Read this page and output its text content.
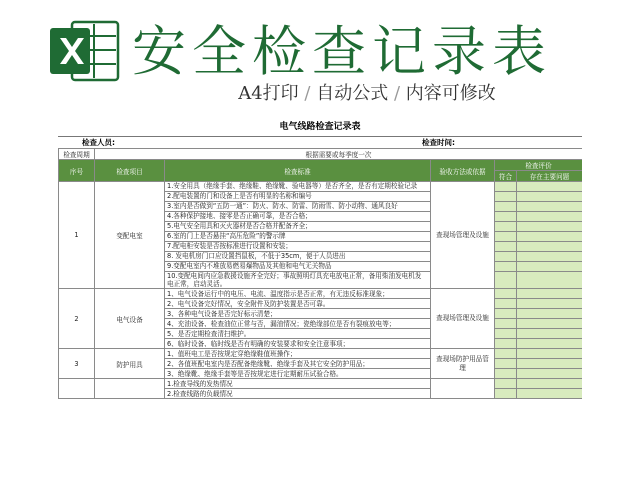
安全检查记录表
A4打印 / 自动公式 / 内容可修改
电气线路检查记录表
检查人员:	检查时间:
检查周期	根据需要或每季度一次				
序号	检查项目	检查标准	验收方法或依据	检查评价	
				符合	存在主要问题
1	变配电室	1.安全用具（绝缘手套、绝缘鞋、绝缘靴、验电器等）是否齐全，是否有定期校验记录	查现场管理及设施		
		2.配电装置的门和设备上是否有明显的名称和编号			
		3.室内是否做到“五防一通”：防火、防水、防雷、防雨雪、防小动物、通风良好			
		4.各种保护接地、接零是否正确可靠，是否合格；			
		5.电气安全用具和灭火器材是否合格并配备齐全；			
		6.室的门上是否悬挂“高压危险”的警示牌			
		7.配电柜安装是否按标准进行设置和安装；			
		8. 发电机房门口应设置挡鼠板，不低于35cm，便于人员进出			
		9.变配电室内不堆放易燃易爆物品及其他和电气无关物品			
		10.变配电间内应急救援设施齐全完好；事故照明灯具充电放电正常，备用柴油发电机发电正常，启动灵活。			
2	电气设备	1、电气设备运行中的电压、电流、温度指示是否正常，有无违反标准现象；	查现场管理及设施		
		2、电气设备完好情况，安全附件及防护装置是否可靠。			
		3、各种电气设备是否完好标示清楚；			
		4、充油设备、检查油位正常与否，漏油情况；瓷绝缘部位是否有裂痕放电等；			
		5、是否定期检查清扫维护。			
		6、临时设备、临时线是否有明确的安装要求和安全注意事项；			
3	防护用具	1、值班电工是否按规定穿绝缘鞋值班操作；	查现场防护用品管理		
		2、各值班配电室内是否配备绝缘靴、绝缘手套及其它安全防护用品；			
		3、绝缘靴、绝缘手套等是否按规定进行定期耐压试验合格。			
		1.检查导线的发热情况			
		2.检查线路的负载情况			
